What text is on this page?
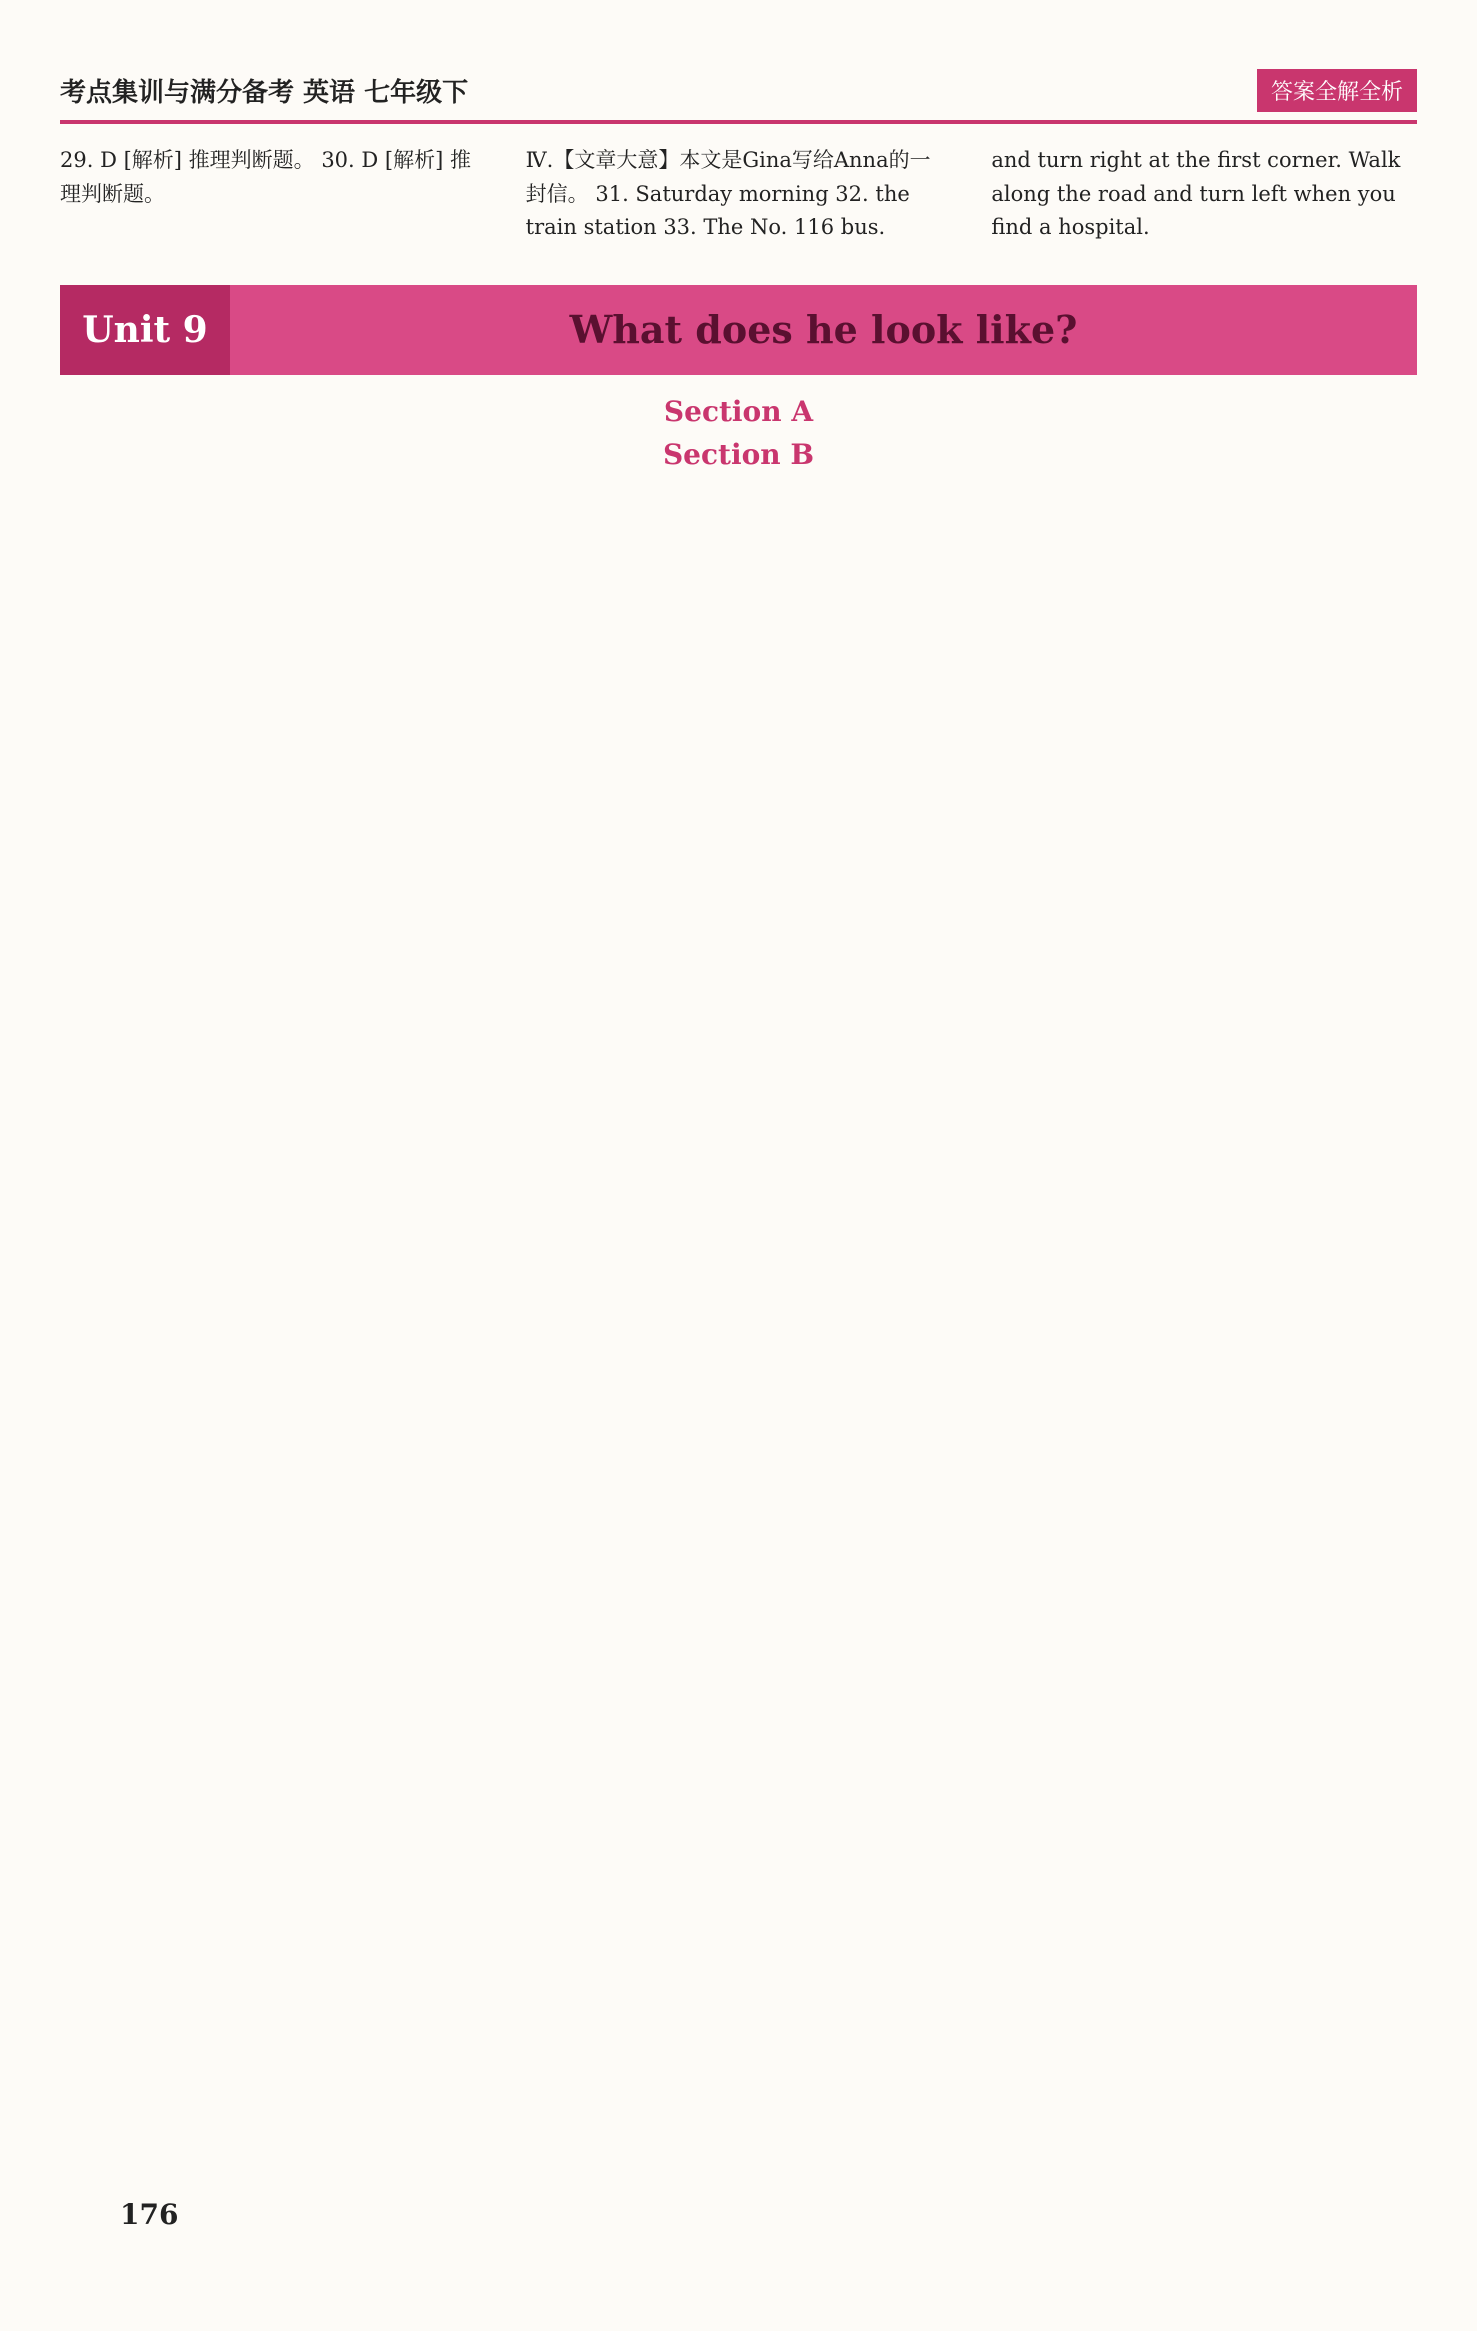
考点集训与满分备考 英语 七年级下	答案全解全析
29. D [解析] 推理判断题。 30. D [解析] 推理判断题。
Ⅳ.【文章大意】本文是Gina写给Anna的一封信。 31. Saturday morning 32. the train station 33. The No. 116 bus.
and turn right at the first corner. Walk along the road and turn left when you find a hospital.
Unit 9	What does he look like?
Section A
Section B
176
